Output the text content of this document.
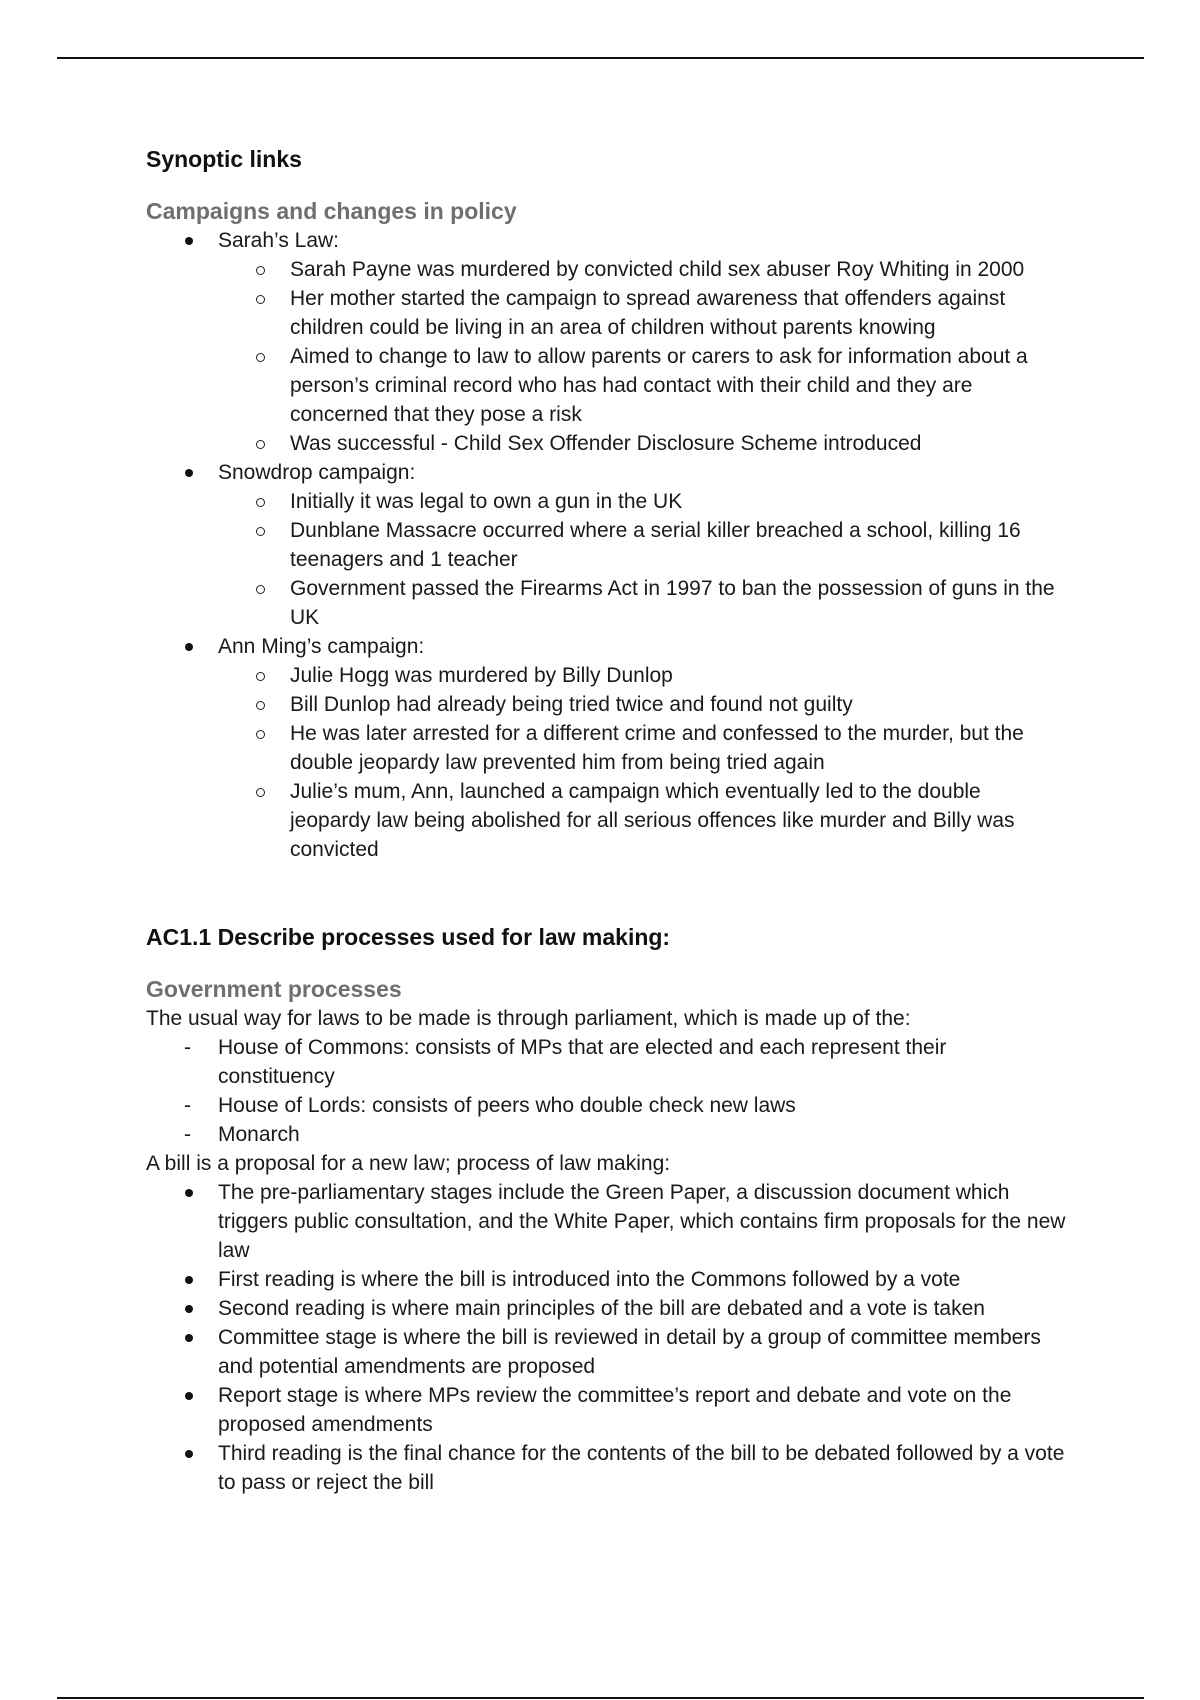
Synoptic links
Campaigns and changes in policy
Sarah’s Law:
Sarah Payne was murdered by convicted child sex abuser Roy Whiting in 2000
Her mother started the campaign to spread awareness that offenders against children could be living in an area of children without parents knowing
Aimed to change to law to allow parents or carers to ask for information about a person’s criminal record who has had contact with their child and they are concerned that they pose a risk
Was successful - Child Sex Offender Disclosure Scheme introduced
Snowdrop campaign:
Initially it was legal to own a gun in the UK
Dunblane Massacre occurred where a serial killer breached a school, killing 16 teenagers and 1 teacher
Government passed the Firearms Act in 1997 to ban the possession of guns in the UK
Ann Ming’s campaign:
Julie Hogg was murdered by Billy Dunlop
Bill Dunlop had already being tried twice and found not guilty
He was later arrested for a different crime and confessed to the murder, but the double jeopardy law prevented him from being tried again
Julie’s mum, Ann, launched a campaign which eventually led to the double jeopardy law being abolished for all serious offences like murder and Billy was convicted
AC1.1 Describe processes used for law making:
Government processes

The usual way for laws to be made is through parliament, which is made up of the:

- House of Commons: consists of MPs that are elected and each represent their constituency
- House of Lords: consists of peers who double check new laws
- Monarch

A bill is a proposal for a new law; process of law making:

The pre-parliamentary stages include the Green Paper, a discussion document which triggers public consultation, and the White Paper, which contains firm proposals for the new law
First reading is where the bill is introduced into the Commons followed by a vote
Second reading is where main principles of the bill are debated and a vote is taken
Committee stage is where the bill is reviewed in detail by a group of committee members and potential amendments are proposed
Report stage is where MPs review the committee’s report and debate and vote on the proposed amendments
Third reading is the final chance for the contents of the bill to be debated followed by a vote to pass or reject the bill
